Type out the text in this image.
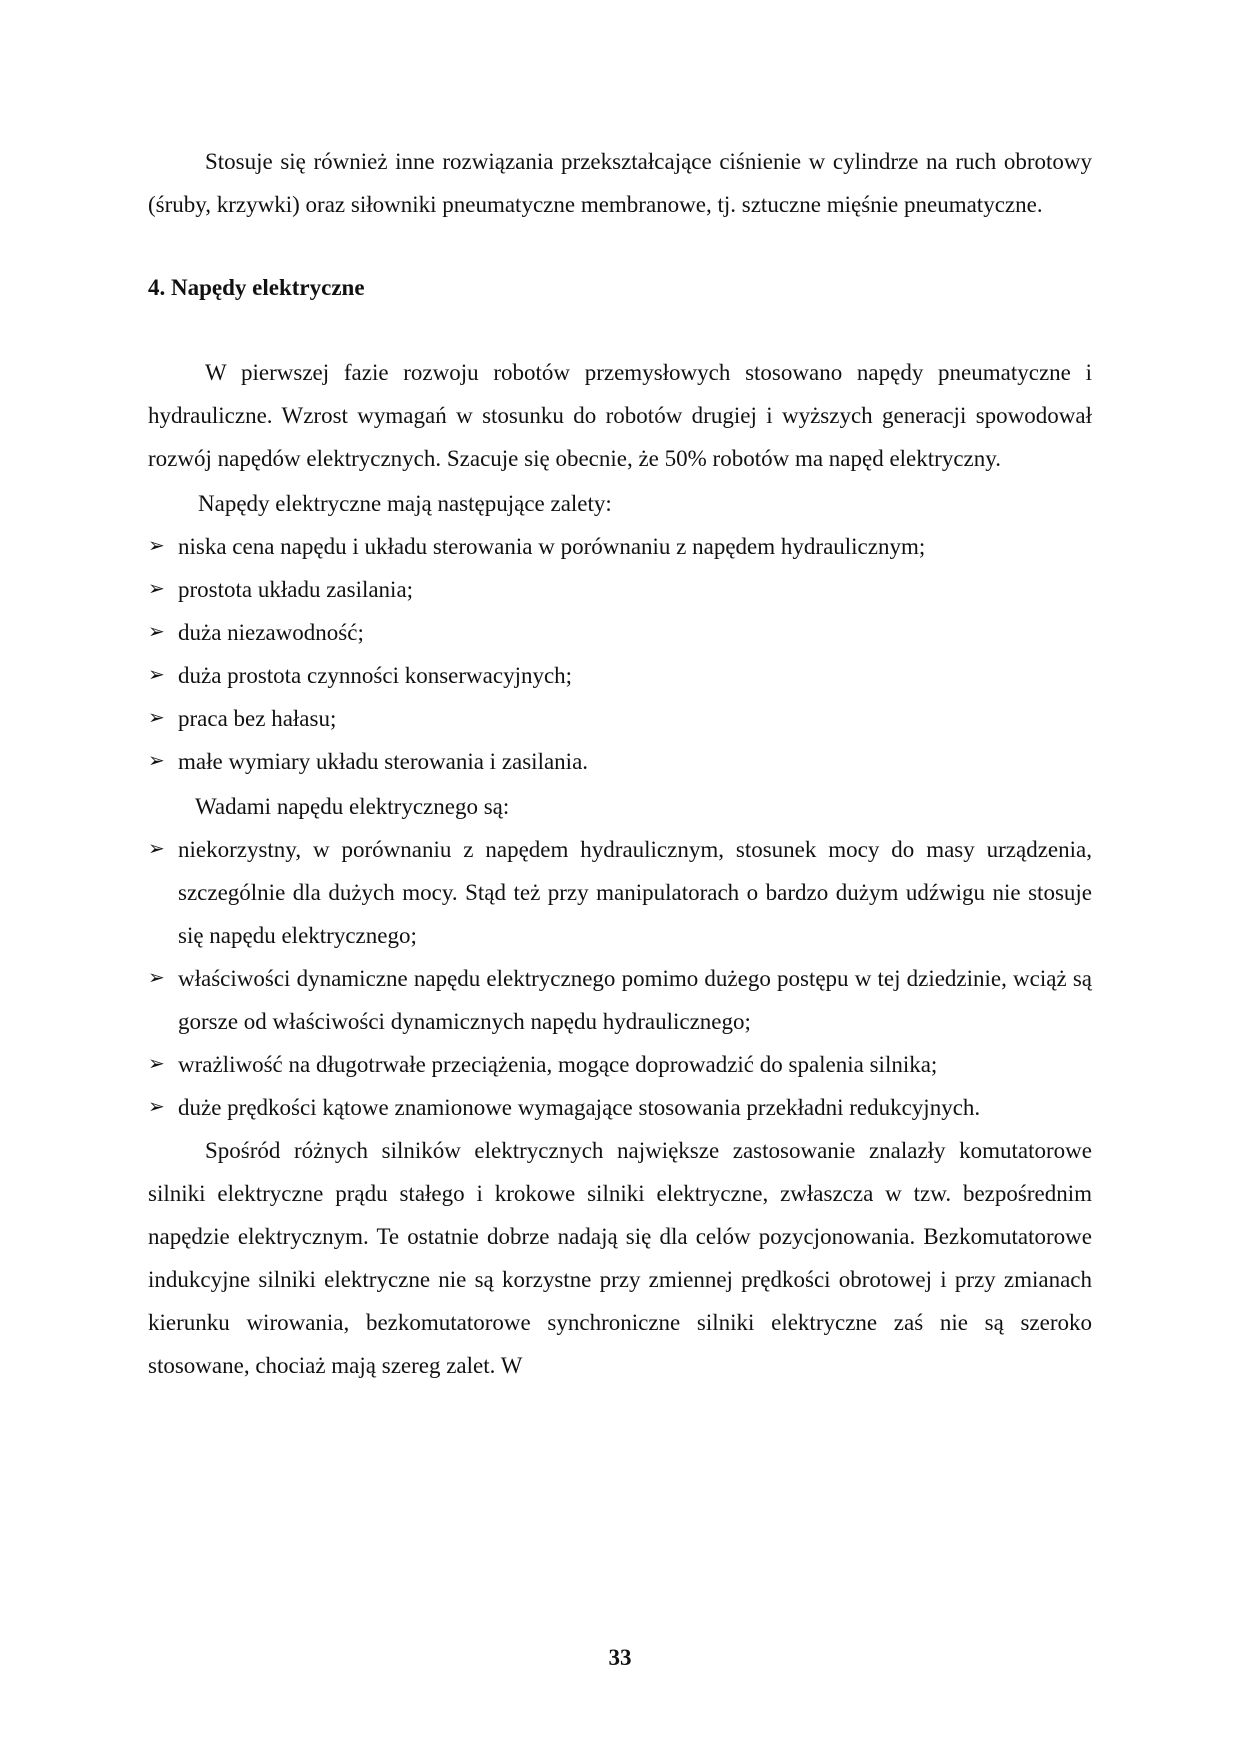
Stosuje się również inne rozwiązania przekształcające ciśnienie w cylindrze na ruch obrotowy (śruby, krzywki) oraz siłowniki pneumatyczne membranowe, tj. sztuczne mięśnie pneumatyczne.

4. Napędy elektryczne

W pierwszej fazie rozwoju robotów przemysłowych stosowano napędy pneumatyczne i hydrauliczne. Wzrost wymagań w stosunku do robotów drugiej i wyższych generacji spowodował rozwój napędów elektrycznych. Szacuje się obecnie, że 50% robotów ma napęd elektryczny.

Napędy elektryczne mają następujące zalety:

➢ niska cena napędu i układu sterowania w porównaniu z napędem hydraulicznym;
➢ prostota układu zasilania;
➢ duża niezawodność;
➢ duża prostota czynności konserwacyjnych;
➢ praca bez hałasu;
➢ małe wymiary układu sterowania i zasilania.

Wadami napędu elektrycznego są:

➢ niekorzystny, w porównaniu z napędem hydraulicznym, stosunek mocy do masy urządzenia, szczególnie dla dużych mocy. Stąd też przy manipulatorach o bardzo dużym udźwigu nie stosuje się napędu elektrycznego;
➢ właściwości dynamiczne napędu elektrycznego pomimo dużego postępu w tej dziedzinie, wciąż są gorsze od właściwości dynamicznych napędu hydraulicznego;
➢ wrażliwość na długotrwałe przeciążenia, mogące doprowadzić do spalenia silnika;
➢ duże prędkości kątowe znamionowe wymagające stosowania przekładni redukcyjnych.

Spośród różnych silników elektrycznych największe zastosowanie znalazły komutatorowe silniki elektryczne prądu stałego i krokowe silniki elektryczne, zwłaszcza w tzw. bezpośrednim napędzie elektrycznym. Te ostatnie dobrze nadają się dla celów pozycjonowania. Bezkomutatorowe indukcyjne silniki elektryczne nie są korzystne przy zmiennej prędkości obrotowej i przy zmianach kierunku wirowania, bezkomutatorowe synchroniczne silniki elektryczne zaś nie są szeroko stosowane, chociaż mają szereg zalet. W

33
